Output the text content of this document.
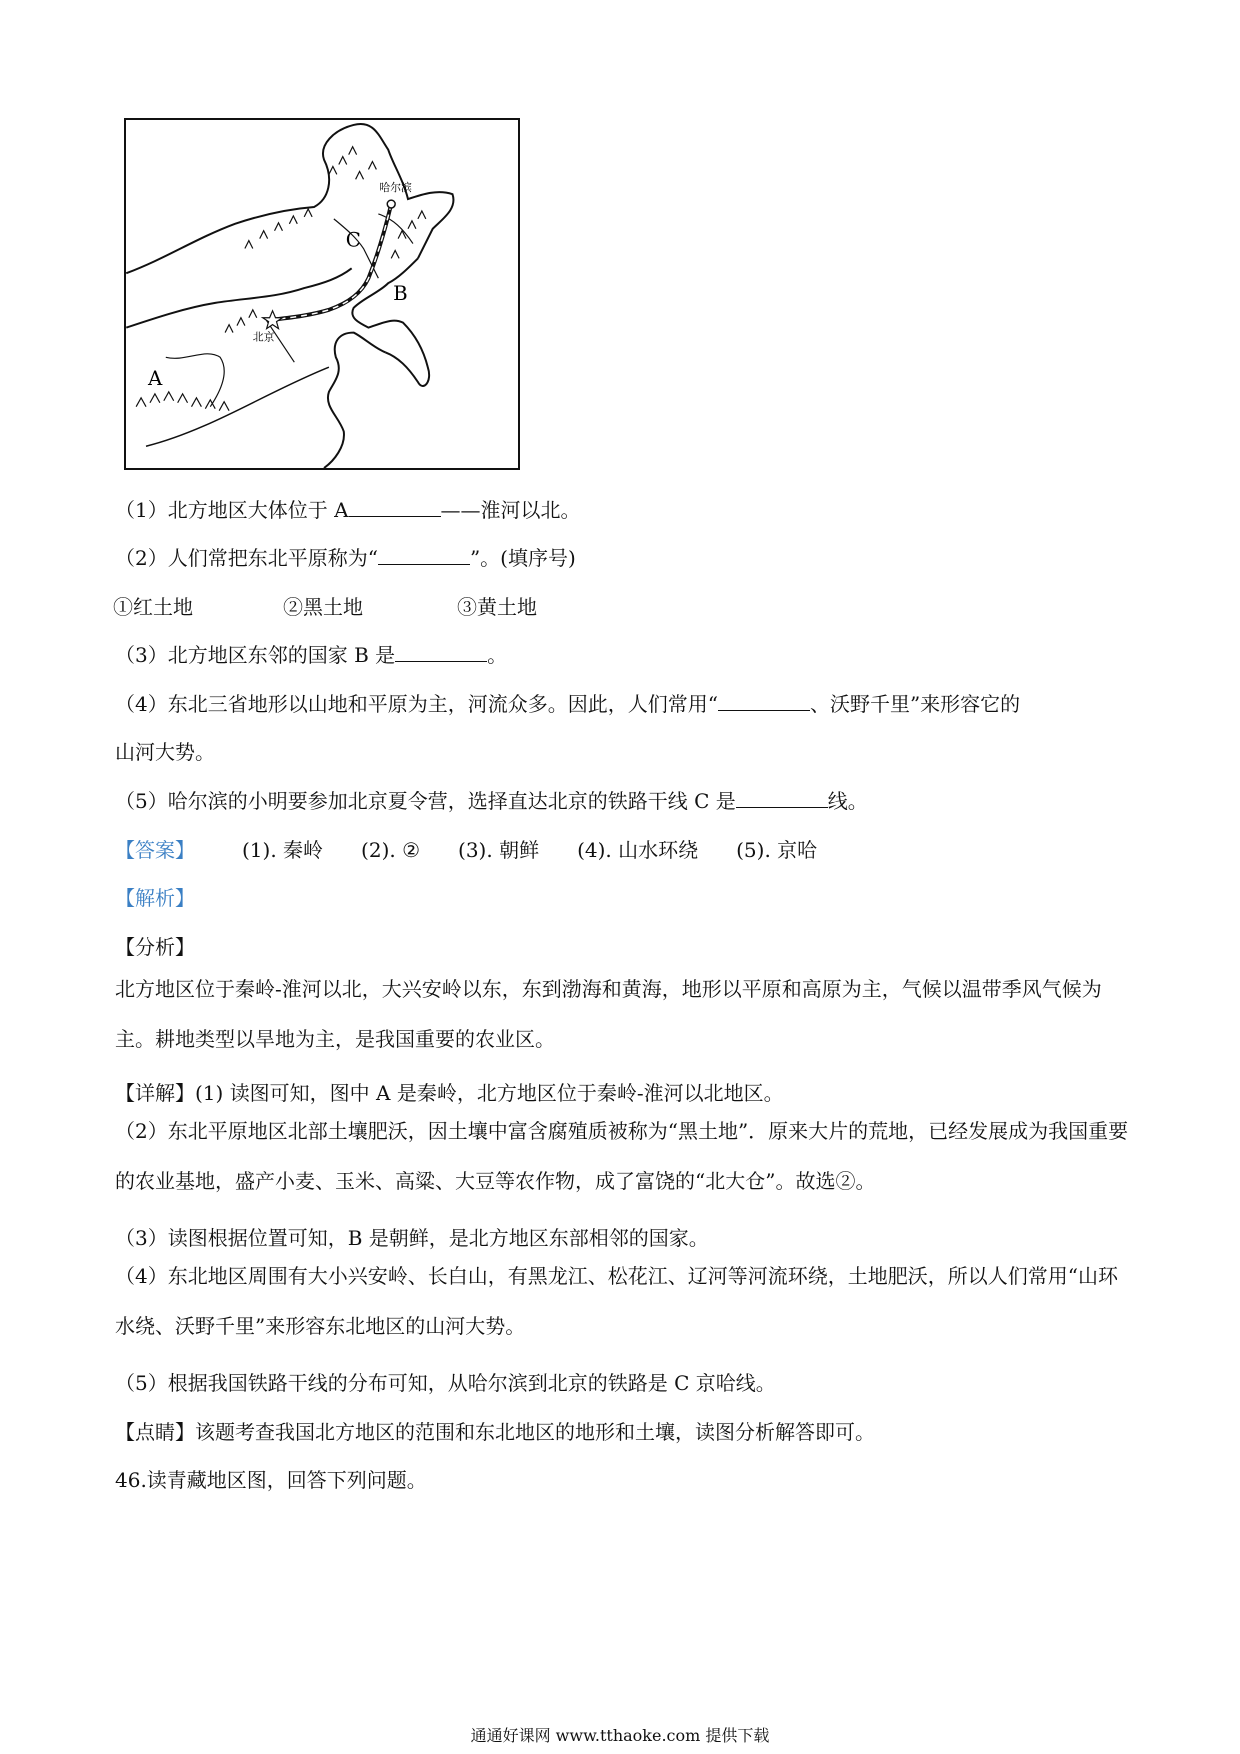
哈尔滨
北京
A
B
C
（1）北方地区大体位于 A	——淮河以北。
（2）人们常把东北平原称为“	”。(填序号)
①红土地	②黑土地	③黄土地
（3）北方地区东邻的国家 B 是	。
（4）东北三省地形以山地和平原为主，河流众多。因此，人们常用“	、沃野千里”来形容它的
山河大势。
（5）哈尔滨的小明要参加北京夏令营，选择直达北京的铁路干线 C 是	线。
【答案】 (1). 秦岭 (2). ② (3). 朝鲜 (4). 山水环绕 (5). 京哈
【解析】
【分析】
北方地区位于秦岭-淮河以北，大兴安岭以东，东到渤海和黄海，地形以平原和高原为主，气候以温带季风气候为主。耕地类型以旱地为主，是我国重要的农业区。
【详解】(1) 读图可知，图中 A 是秦岭，北方地区位于秦岭-淮河以北地区。
（2）东北平原地区北部土壤肥沃，因土壤中富含腐殖质被称为“黑土地”．原来大片的荒地，已经发展成为我国重要的农业基地，盛产小麦、玉米、高粱、大豆等农作物，成了富饶的“北大仓”。故选②。
（3）读图根据位置可知，B 是朝鲜，是北方地区东部相邻的国家。
（4）东北地区周围有大小兴安岭、长白山，有黑龙江、松花江、辽河等河流环绕，土地肥沃，所以人们常用“山环水绕、沃野千里”来形容东北地区的山河大势。
（5）根据我国铁路干线的分布可知，从哈尔滨到北京的铁路是 C 京哈线。
【点睛】该题考查我国北方地区的范围和东北地区的地形和土壤，读图分析解答即可。
46.读青藏地区图，回答下列问题。
通通好课网 www.tthaoke.com 提供下载
